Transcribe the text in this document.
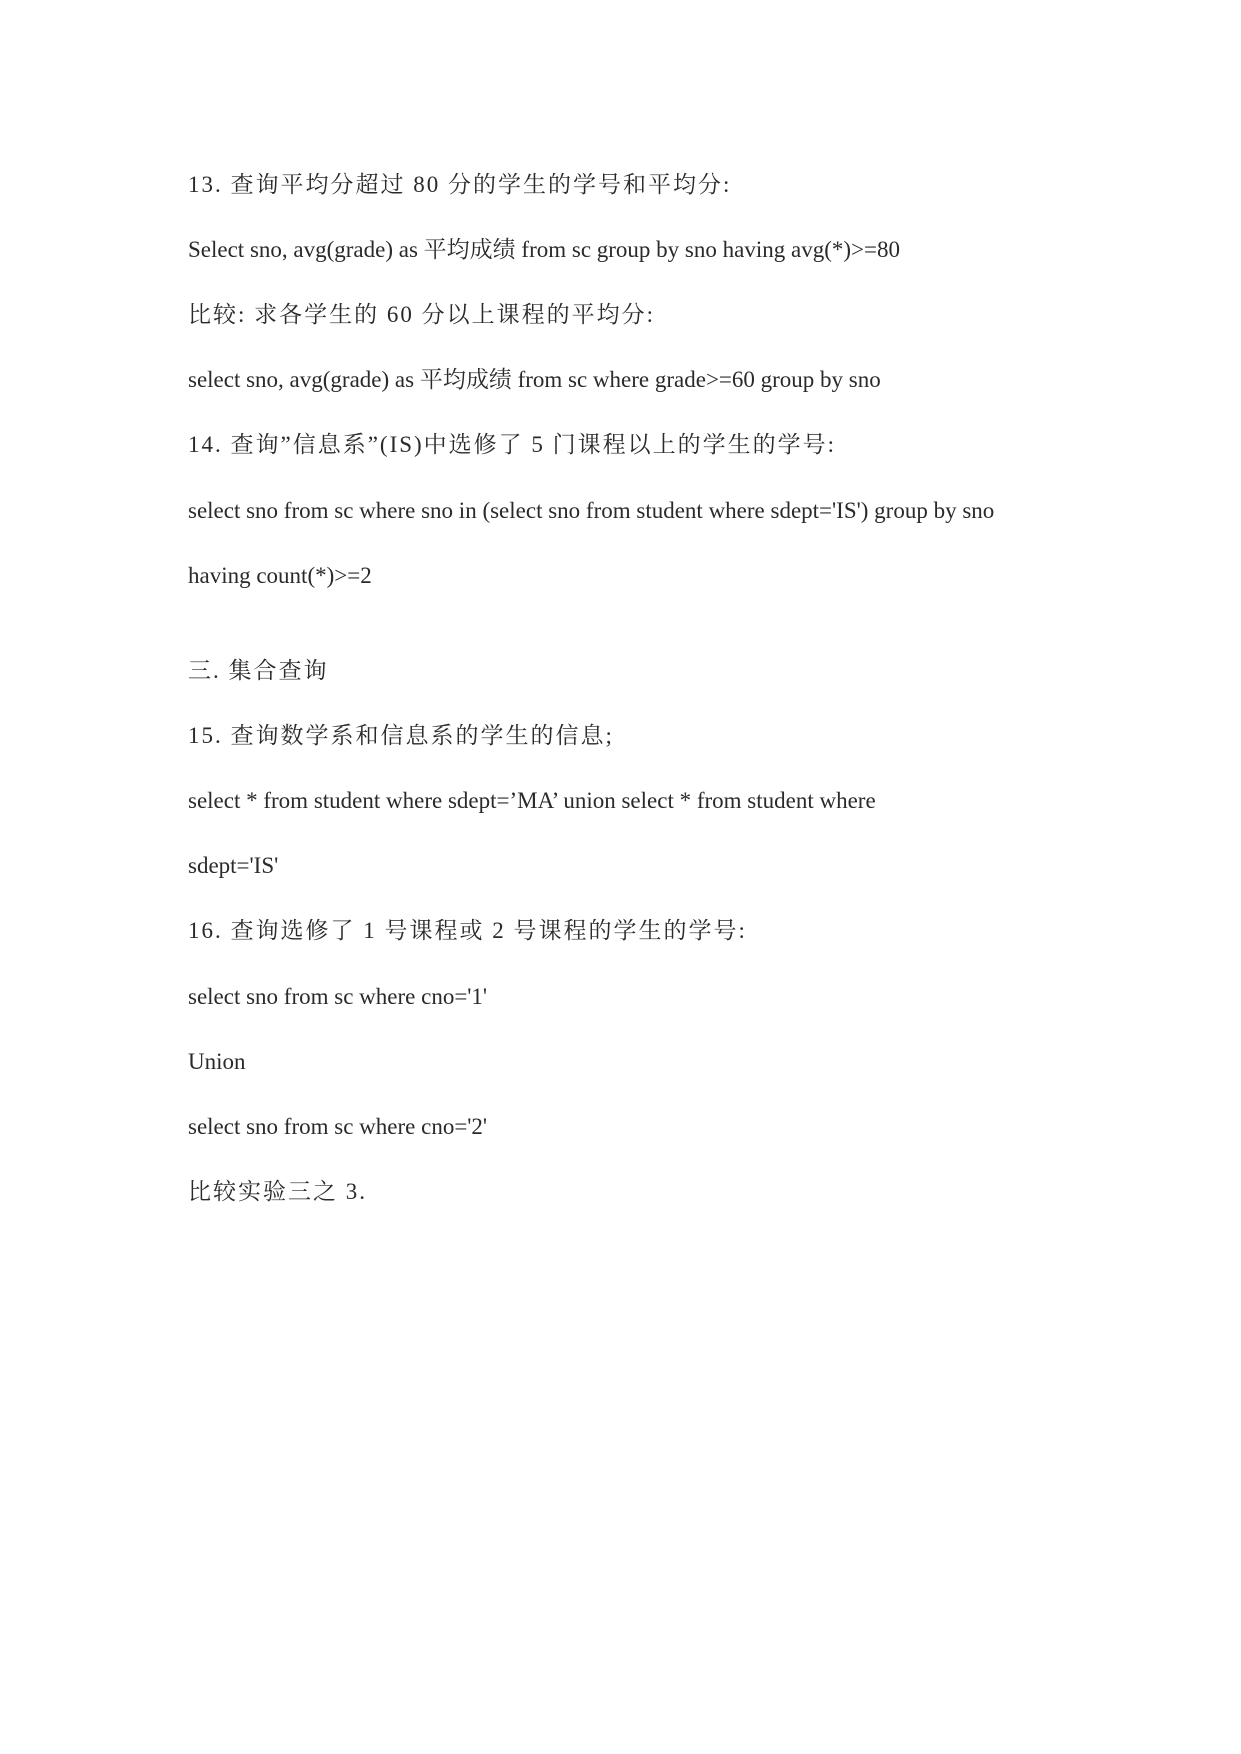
13. 查询平均分超过 80 分的学生的学号和平均分:
Select sno, avg(grade) as 平均成绩 from sc group by sno having avg(*)>=80
比较: 求各学生的 60 分以上课程的平均分:
select sno, avg(grade) as 平均成绩 from sc where grade>=60 group by sno
14. 查询”信息系”(IS)中选修了 5 门课程以上的学生的学号:
select sno from sc where sno in (select sno from student where sdept='IS') group by sno
having count(*)>=2
三. 集合查询
15. 查询数学系和信息系的学生的信息;
select * from student where sdept=’MA’ union select * from student where
sdept='IS'
16. 查询选修了 1 号课程或 2 号课程的学生的学号:
select sno from sc where cno='1'
Union
select sno from sc where cno='2'
比较实验三之 3.
